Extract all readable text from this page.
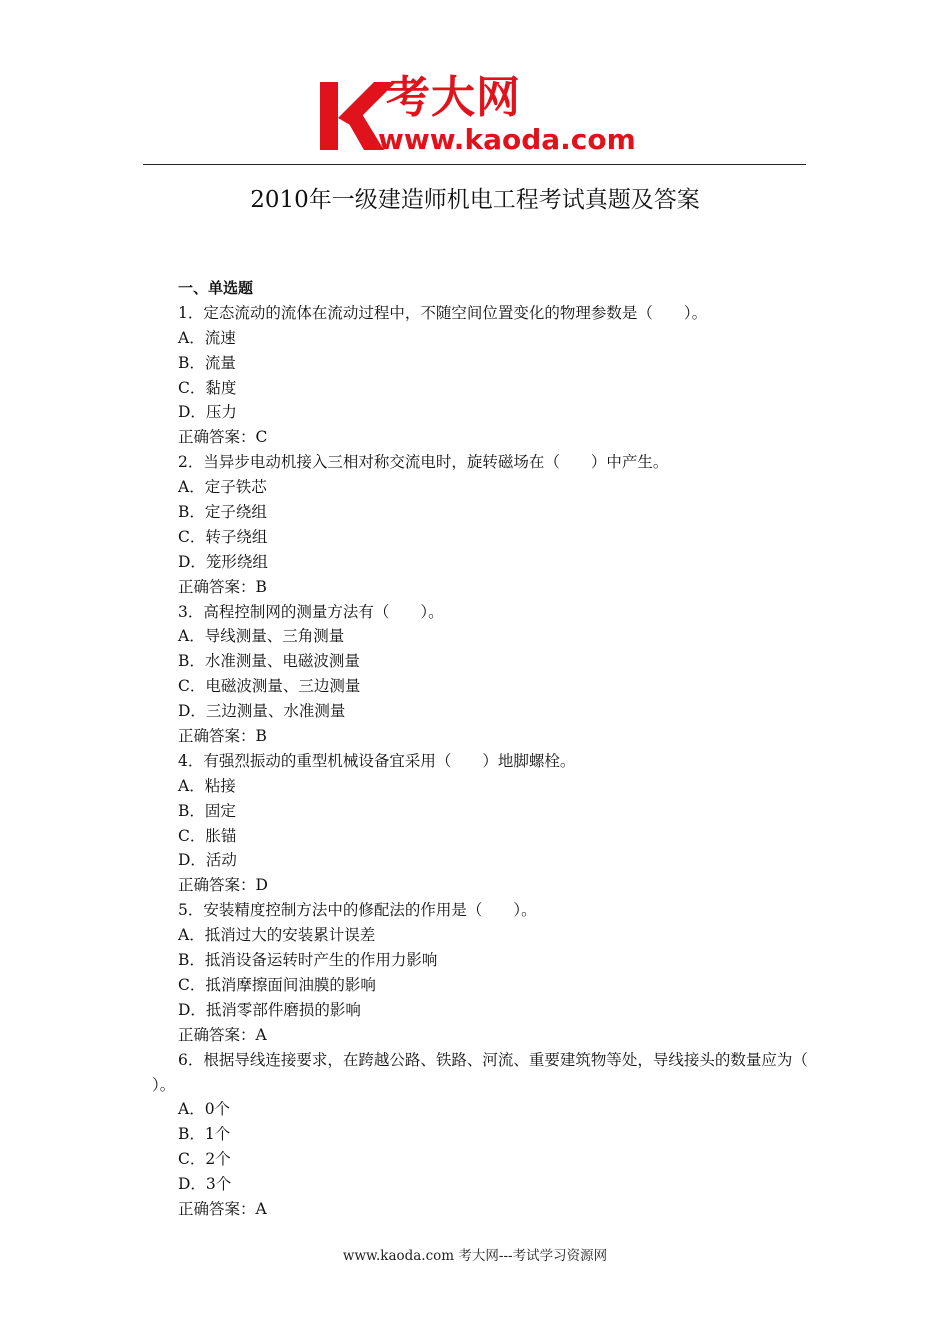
考大网
www.kaoda.com
2010年一级建造师机电工程考试真题及答案
一、单选题
1．定态流动的流体在流动过程中，不随空间位置变化的物理参数是（　　）。
A．流速
B．流量
C．黏度
D．压力
正确答案：C
2．当异步电动机接入三相对称交流电时，旋转磁场在（　　）中产生。
A．定子铁芯
B．定子绕组
C．转子绕组
D．笼形绕组
正确答案：B
3．高程控制网的测量方法有（　　）。
A．导线测量、三角测量
B．水准测量、电磁波测量
C．电磁波测量、三边测量
D．三边测量、水准测量
正确答案：B
4．有强烈振动的重型机械设备宜采用（　　）地脚螺栓。
A．粘接
B．固定
C．胀锚
D．活动
正确答案：D
5．安装精度控制方法中的修配法的作用是（　　）。
A．抵消过大的安装累计误差
B．抵消设备运转时产生的作用力影响
C．抵消摩擦面间油膜的影响
D．抵消零部件磨损的影响
正确答案：A
6．根据导线连接要求，在跨越公路、铁路、河流、重要建筑物等处，导线接头的数量应为（　　）。
A．0个
B．1个
C．2个
D．3个
正确答案：A
www.kaoda.com 考大网---考试学习资源网
